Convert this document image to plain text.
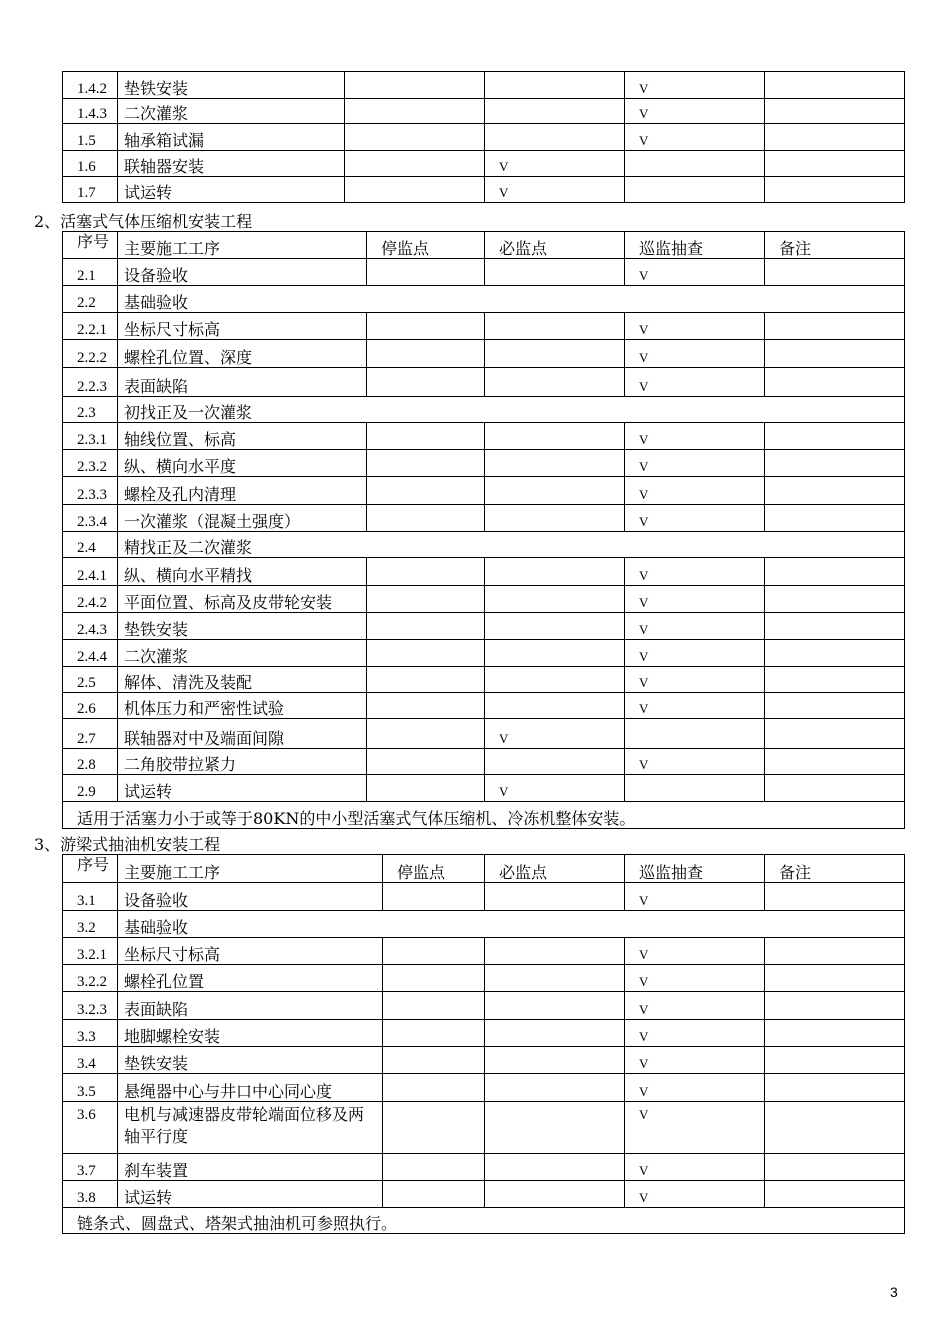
1.4.2	垫铁安装			V	
1.4.3	二次灌浆			V	
1.5	轴承箱试漏			V	
1.6	联轴器安装		V		
1.7	试运转		V		
2、活塞式气体压缩机安装工程
序号	主要施工工序	停监点	必监点	巡监抽查	备注
2.1	设备验收			V	
2.2	基础验收				
2.2.1	坐标尺寸标高			V	
2.2.2	螺栓孔位置、深度			V	
2.2.3	表面缺陷			V	
2.3	初找正及一次灌浆				
2.3.1	轴线位置、标高			V	
2.3.2	纵、横向水平度			V	
2.3.3	螺栓及孔内清理			V	
2.3.4	一次灌浆（混凝土强度）			V	
2.4	精找正及二次灌浆				
2.4.1	纵、横向水平精找			V	
2.4.2	平面位置、标高及皮带轮安装			V	
2.4.3	垫铁安装			V	
2.4.4	二次灌浆			V	
2.5	解体、清洗及装配			V	
2.6	机体压力和严密性试验			V	
2.7	联轴器对中及端面间隙		V		
2.8	二角胶带拉紧力			V	
2.9	试运转		V		
适用于活塞力小于或等于80KN的中小型活塞式气体压缩机、冷冻机整体安装。					
3、游梁式抽油机安装工程
序号	主要施工工序	停监点	必监点	巡监抽查	备注
3.1	设备验收			V	
3.2	基础验收				
3.2.1	坐标尺寸标高			V	
3.2.2	螺栓孔位置			V	
3.2.3	表面缺陷			V	
3.3	地脚螺栓安装			V	
3.4	垫铁安装			V	
3.5	悬绳器中心与井口中心同心度			V	
3.6	电机与减速器皮带轮端面位移及两轴平行度			V	
3.7	刹车装置			V	
3.8	试运转			V	
链条式、圆盘式、塔架式抽油机可参照执行。					
3
